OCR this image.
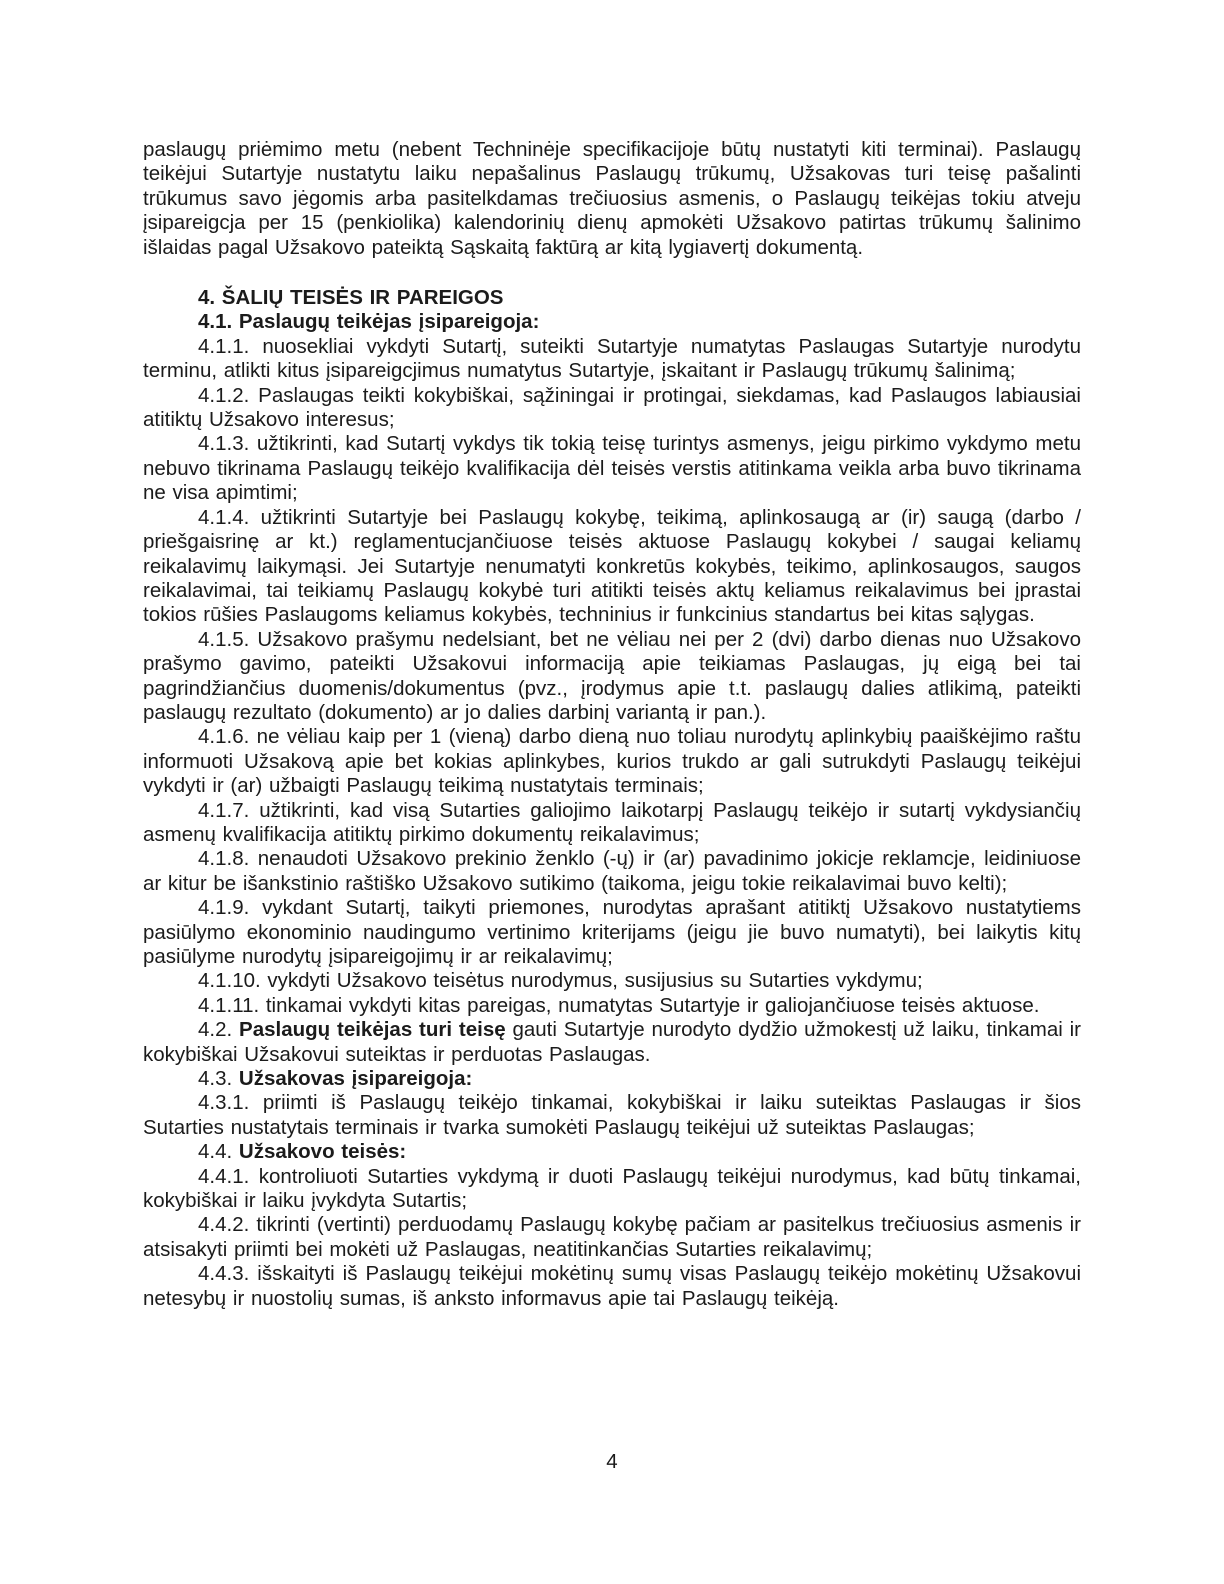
paslaugų priėmimo metu (nebent Techninėje specifikacijoje būtų nustatyti kiti terminai). Paslaugų teikėjui Sutartyje nustatytu laiku nepašalinus Paslaugų trūkumų, Užsakovas turi teisę pašalinti trūkumus savo jėgomis arba pasitelkdamas trečiuosius asmenis, o Paslaugų teikėjas tokiu atveju įsipareigcja per 15 (penkiolika) kalendorinių dienų apmokėti Užsakovo patirtas trūkumų šalinimo išlaidas pagal Užsakovo pateiktą Sąskaitą faktūrą ar kitą lygiavertį dokumentą.

4. ŠALIŲ TEISĖS IR PAREIGOS

4.1. Paslaugų teikėjas įsipareigoja:

4.1.1. nuosekliai vykdyti Sutartį, suteikti Sutartyje numatytas Paslaugas Sutartyje nurodytu terminu, atlikti kitus įsipareigcjimus numatytus Sutartyje, įskaitant ir Paslaugų trūkumų šalinimą;

4.1.2. Paslaugas teikti kokybiškai, sąžiningai ir protingai, siekdamas, kad Paslaugos labiausiai atitiktų Užsakovo interesus;

4.1.3. užtikrinti, kad Sutartį vykdys tik tokią teisę turintys asmenys, jeigu pirkimo vykdymo metu nebuvo tikrinama Paslaugų teikėjo kvalifikacija dėl teisės verstis atitinkama veikla arba buvo tikrinama ne visa apimtimi;

4.1.4. užtikrinti Sutartyje bei Paslaugų kokybę, teikimą, aplinkosaugą ar (ir) saugą (darbo / priešgaisrinę ar kt.) reglamentucjančiuose teisės aktuose Paslaugų kokybei / saugai keliamų reikalavimų laikymąsi. Jei Sutartyje nenumatyti konkretūs kokybės, teikimo, aplinkosaugos, saugos reikalavimai, tai teikiamų Paslaugų kokybė turi atitikti teisės aktų keliamus reikalavimus bei įprastai tokios rūšies Paslaugoms keliamus kokybės, techninius ir funkcinius standartus bei kitas sąlygas.

4.1.5. Užsakovo prašymu nedelsiant, bet ne vėliau nei per 2 (dvi) darbo dienas nuo Užsakovo prašymo gavimo, pateikti Užsakovui informaciją apie teikiamas Paslaugas, jų eigą bei tai pagrindžiančius duomenis/dokumentus (pvz., įrodymus apie t.t. paslaugų dalies atlikimą, pateikti paslaugų rezultato (dokumento) ar jo dalies darbinį variantą ir pan.).

4.1.6. ne vėliau kaip per 1 (vieną) darbo dieną nuo toliau nurodytų aplinkybių paaiškėjimo raštu informuoti Užsakovą apie bet kokias aplinkybes, kurios trukdo ar gali sutrukdyti Paslaugų teikėjui vykdyti ir (ar) užbaigti Paslaugų teikimą nustatytais terminais;

4.1.7. užtikrinti, kad visą Sutarties galiojimo laikotarpį Paslaugų teikėjo ir sutartį vykdysiančių asmenų kvalifikacija atitiktų pirkimo dokumentų reikalavimus;

4.1.8. nenaudoti Užsakovo prekinio ženklo (-ų) ir (ar) pavadinimo jokicje reklamcje, leidiniuose ar kitur be išankstinio raštiško Užsakovo sutikimo (taikoma, jeigu tokie reikalavimai buvo kelti);

4.1.9. vykdant Sutartį, taikyti priemones, nurodytas aprašant atitiktį Užsakovo nustatytiems pasiūlymo ekonominio naudingumo vertinimo kriterijams (jeigu jie buvo numatyti), bei laikytis kitų pasiūlyme nurodytų įsipareigojimų ir ar reikalavimų;

4.1.10. vykdyti Užsakovo teisėtus nurodymus, susijusius su Sutarties vykdymu;

4.1.11. tinkamai vykdyti kitas pareigas, numatytas Sutartyje ir galiojančiuose teisės aktuose.

4.2. Paslaugų teikėjas turi teisę gauti Sutartyje nurodyto dydžio užmokestį už laiku, tinkamai ir kokybiškai Užsakovui suteiktas ir perduotas Paslaugas.

4.3. Užsakovas įsipareigoja:

4.3.1. priimti iš Paslaugų teikėjo tinkamai, kokybiškai ir laiku suteiktas Paslaugas ir šios Sutarties nustatytais terminais ir tvarka sumokėti Paslaugų teikėjui už suteiktas Paslaugas;

4.4. Užsakovo teisės:

4.4.1. kontroliuoti Sutarties vykdymą ir duoti Paslaugų teikėjui nurodymus, kad būtų tinkamai, kokybiškai ir laiku įvykdyta Sutartis;

4.4.2. tikrinti (vertinti) perduodamų Paslaugų kokybę pačiam ar pasitelkus trečiuosius asmenis ir atsisakyti priimti bei mokėti už Paslaugas, neatitinkančias Sutarties reikalavimų;

4.4.3. išskaityti iš Paslaugų teikėjui mokėtinų sumų visas Paslaugų teikėjo mokėtinų Užsakovui netesybų ir nuostolių sumas, iš anksto informavus apie tai Paslaugų teikėją.

4
